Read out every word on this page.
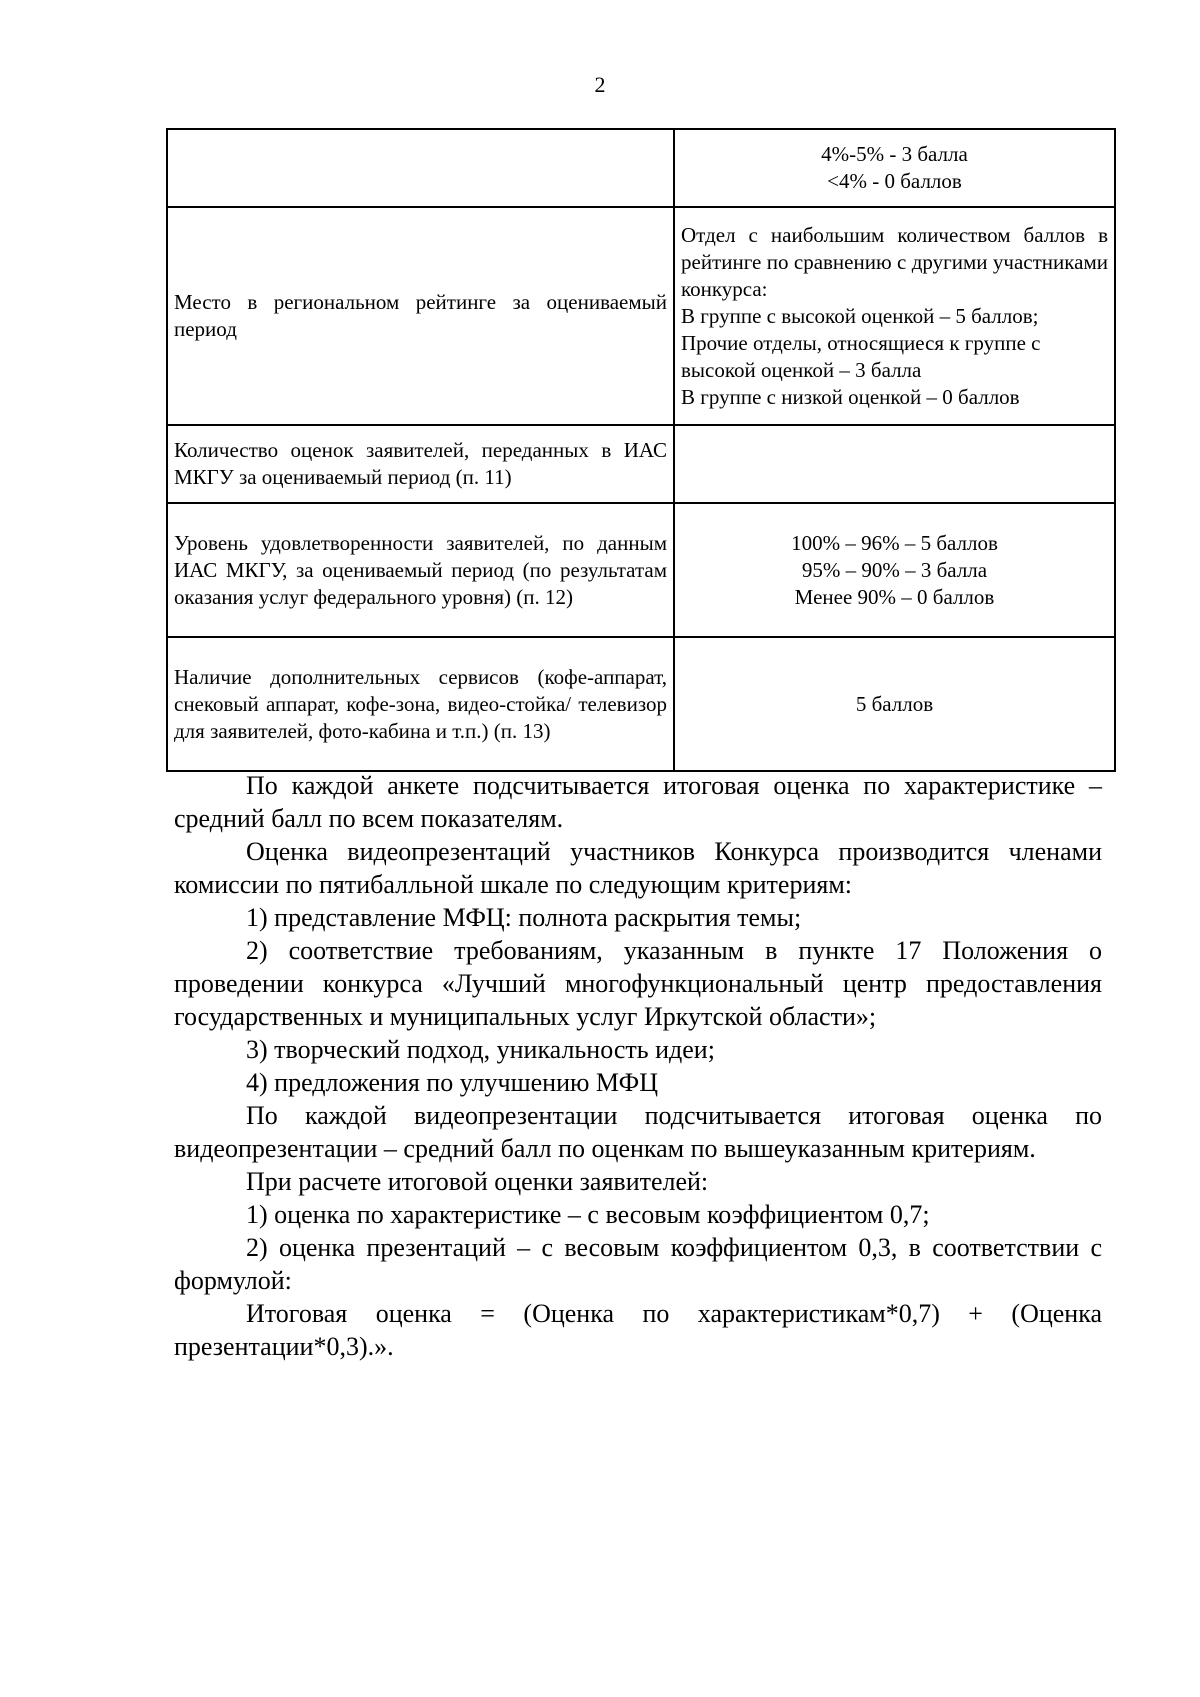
2

	4%-5% - 3 балла
<4% - 0 баллов

Место в региональном рейтинге за оцениваемый период	Отдел с наибольшим количеством баллов в рейтинге по сравнению с другими участниками конкурса:
В группе с высокой оценкой – 5 баллов;
Прочие отделы, относящиеся к группе с высокой оценкой – 3 балла
В группе с низкой оценкой – 0 баллов

Количество оценок заявителей, переданных в ИАС МКГУ за оцениваемый период (п. 11)	
Уровень удовлетворенности заявителей, по данным ИАС МКГУ, за оцениваемый период (по результатам оказания услуг федерального уровня) (п. 12)	100% – 96% – 5 баллов
95% – 90% – 3 балла
Менее 90% – 0 баллов

Наличие дополнительных сервисов (кофе-аппарат, снековый аппарат, кофе-зона, видео-стойка/ телевизор для заявителей, фото-кабина и т.п.) (п. 13)	5 баллов

По каждой анкете подсчитывается итоговая оценка по характеристике – средний балл по всем показателям.

Оценка видеопрезентаций участников Конкурса производится членами комиссии по пятибалльной шкале по следующим критериям:

1) представление МФЦ: полнота раскрытия темы;

2) соответствие требованиям, указанным в пункте 17 Положения о проведении конкурса «Лучший многофункциональный центр предоставления государственных и муниципальных услуг Иркутской области»;

3) творческий подход, уникальность идеи;

4) предложения по улучшению МФЦ

По каждой видеопрезентации подсчитывается итоговая оценка по видеопрезентации – средний балл по оценкам по вышеуказанным критериям.

При расчете итоговой оценки заявителей:

1) оценка по характеристике – с весовым коэффициентом 0,7;

2) оценка презентаций – с весовым коэффициентом 0,3, в соответствии с формулой:

Итоговая оценка = (Оценка по характеристикам*0,7) + (Оценка презентации*0,3).».
